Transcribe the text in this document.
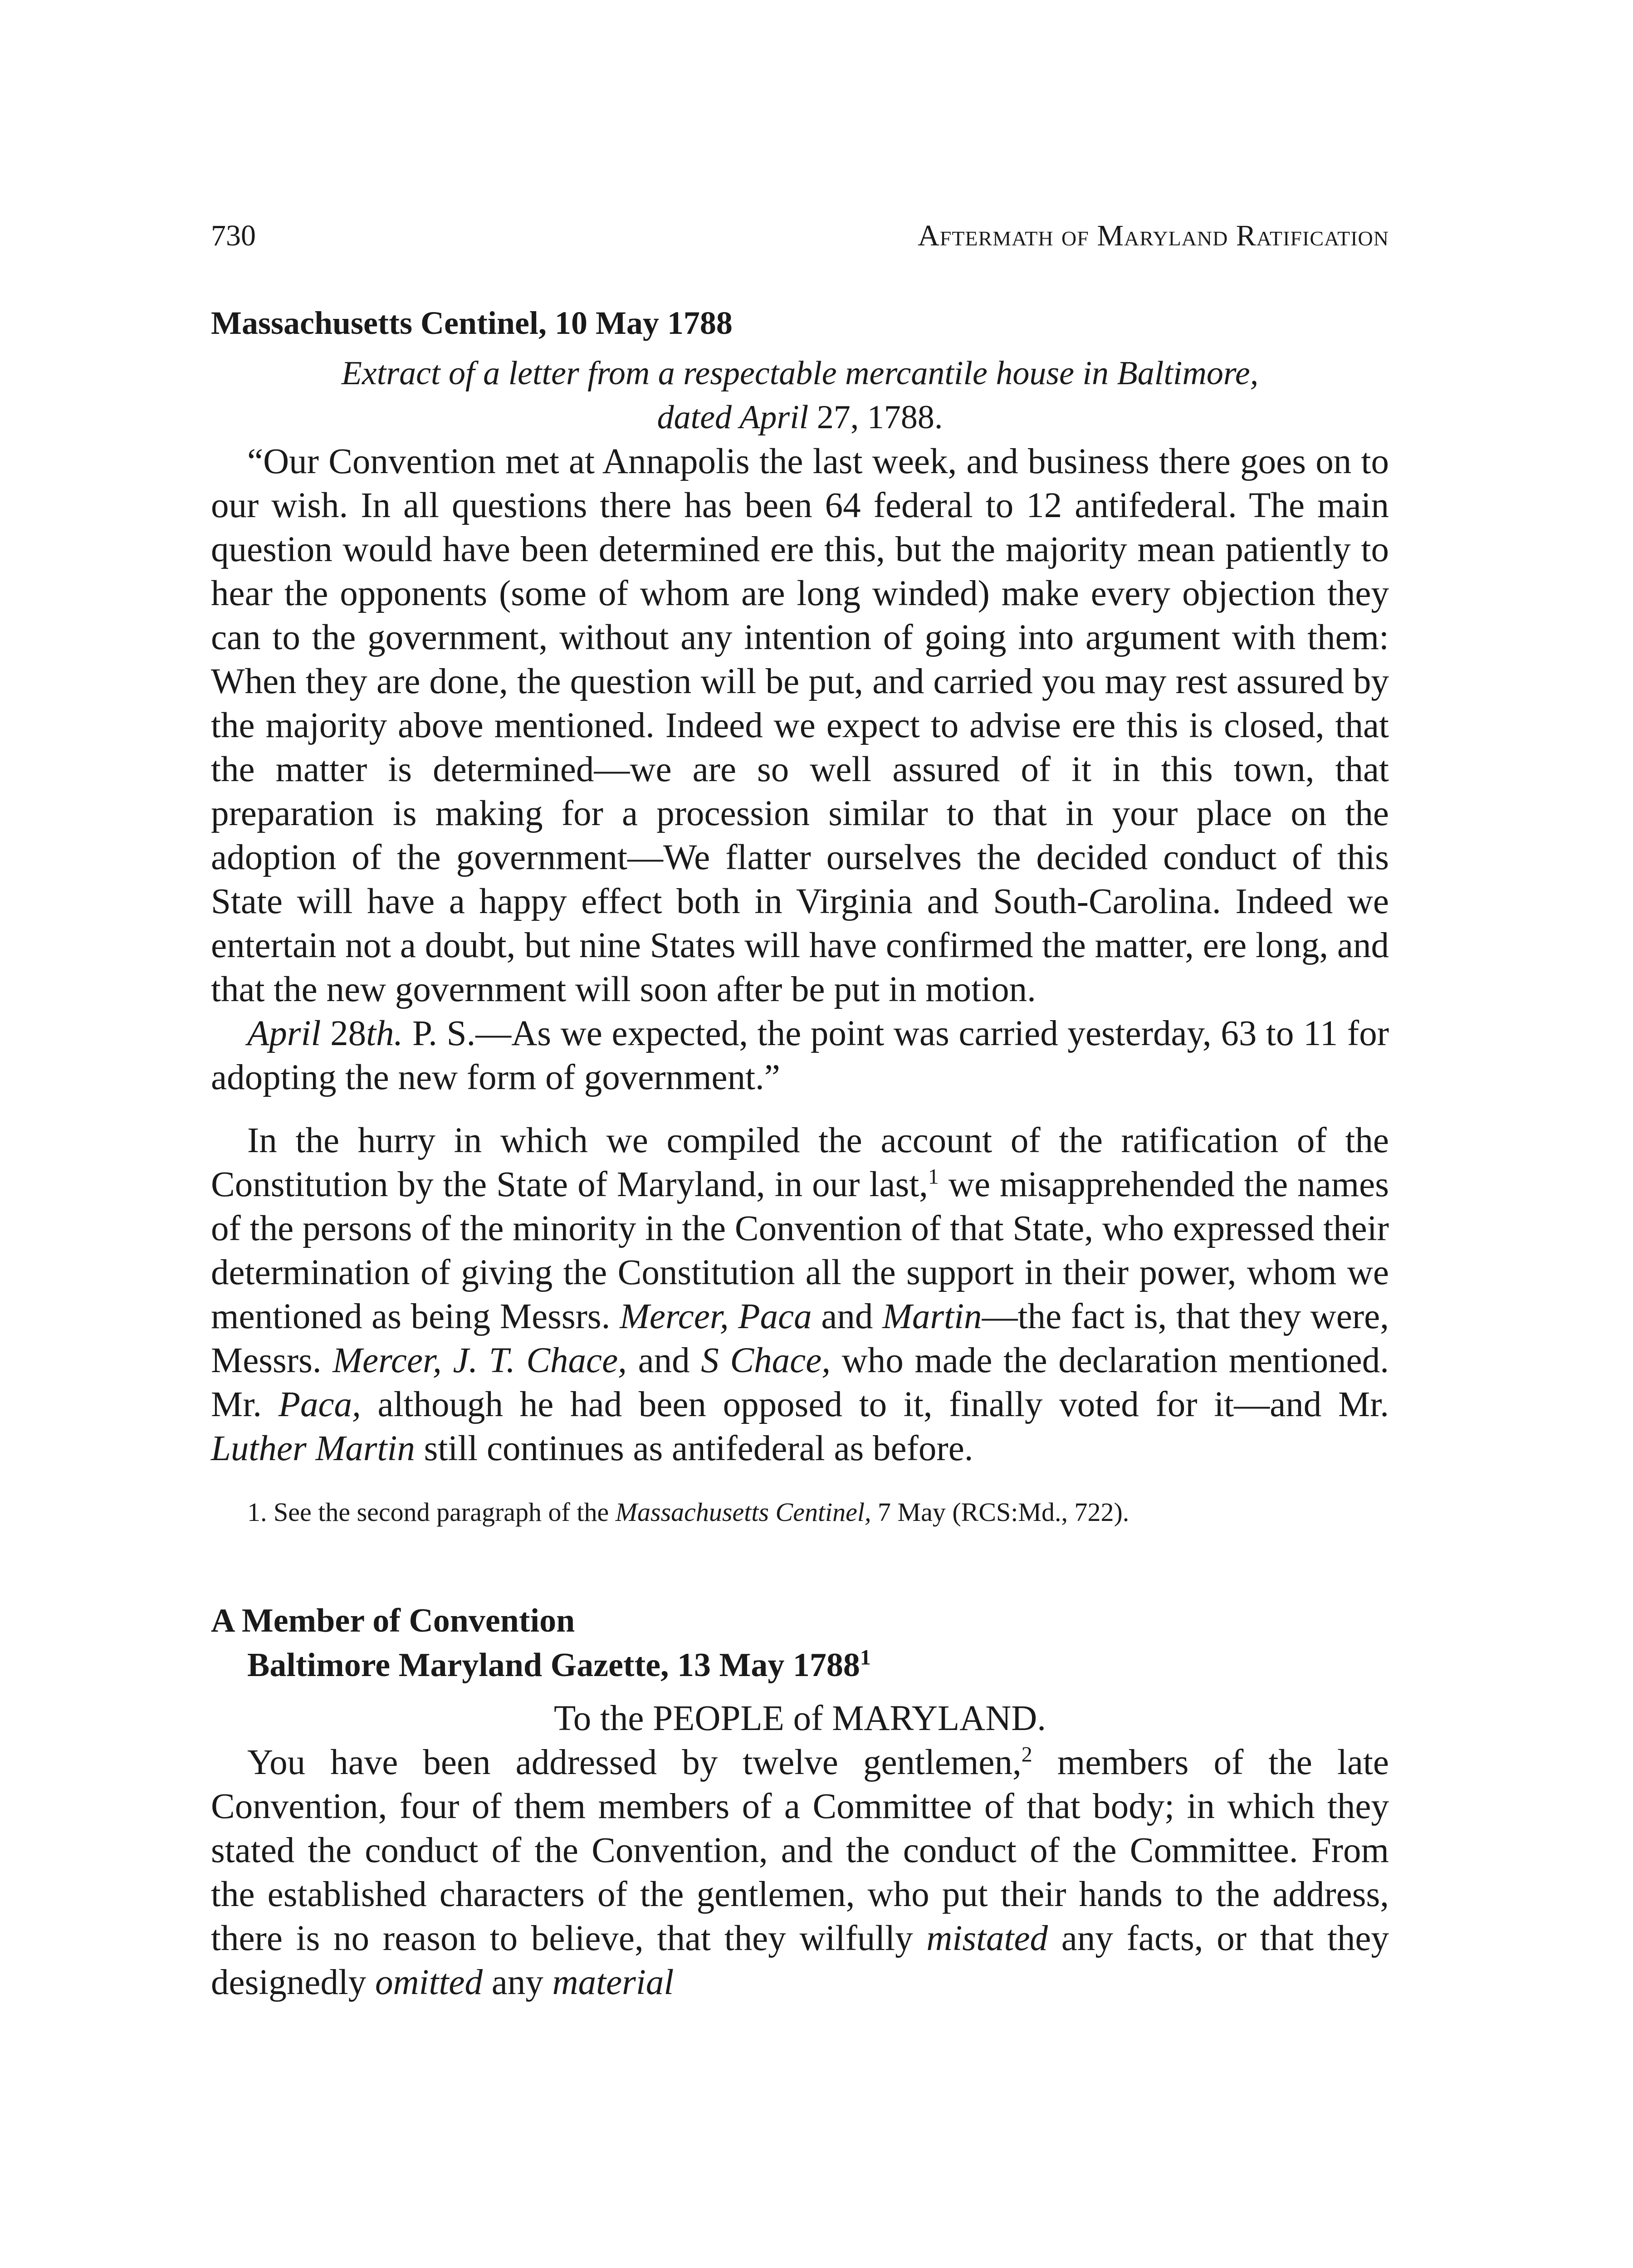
730	Aftermath of Maryland Ratification
Massachusetts Centinel, 10 May 1788
Extract of a letter from a respectable mercantile house in Baltimore,
dated April 27, 1788.

“Our Convention met at Annapolis the last week, and business there goes on to our wish. In all questions there has been 64 federal to 12 antifederal. The main question would have been determined ere this, but the majority mean patiently to hear the opponents (some of whom are long winded) make every objection they can to the government, without any intention of going into argument with them: When they are done, the question will be put, and carried you may rest assured by the majority above mentioned. Indeed we expect to advise ere this is closed, that the matter is determined—we are so well assured of it in this town, that preparation is making for a procession similar to that in your place on the adoption of the government—We flatter ourselves the decided conduct of this State will have a happy effect both in Virginia and South-Carolina. Indeed we entertain not a doubt, but nine States will have confirmed the matter, ere long, and that the new government will soon after be put in motion.

April 28th. P. S.—As we expected, the point was carried yesterday, 63 to 11 for adopting the new form of government.”

In the hurry in which we compiled the account of the ratification of the Constitution by the State of Maryland, in our last,$^1$ we misapprehended the names of the persons of the minority in the Convention of that State, who expressed their determination of giving the Constitution all the support in their power, whom we mentioned as being Messrs. Mercer, Paca and Martin—the fact is, that they were, Messrs. Mercer, J. T. Chace, and S Chace, who made the declaration mentioned. Mr. Paca, although he had been opposed to it, finally voted for it—and Mr. Luther Martin still continues as antifederal as before.

1. See the second paragraph of the Massachusetts Centinel, 7 May (RCS:Md., 722).
A Member of Convention
Baltimore Maryland Gazette, 13 May 1788$^1$
To the PEOPLE of MARYLAND.

You have been addressed by twelve gentlemen,$^2$ members of the late Convention, four of them members of a Committee of that body; in which they stated the conduct of the Convention, and the conduct of the Committee. From the established characters of the gentlemen, who put their hands to the address, there is no reason to believe, that they wilfully mistated any facts, or that they designedly omitted any material
